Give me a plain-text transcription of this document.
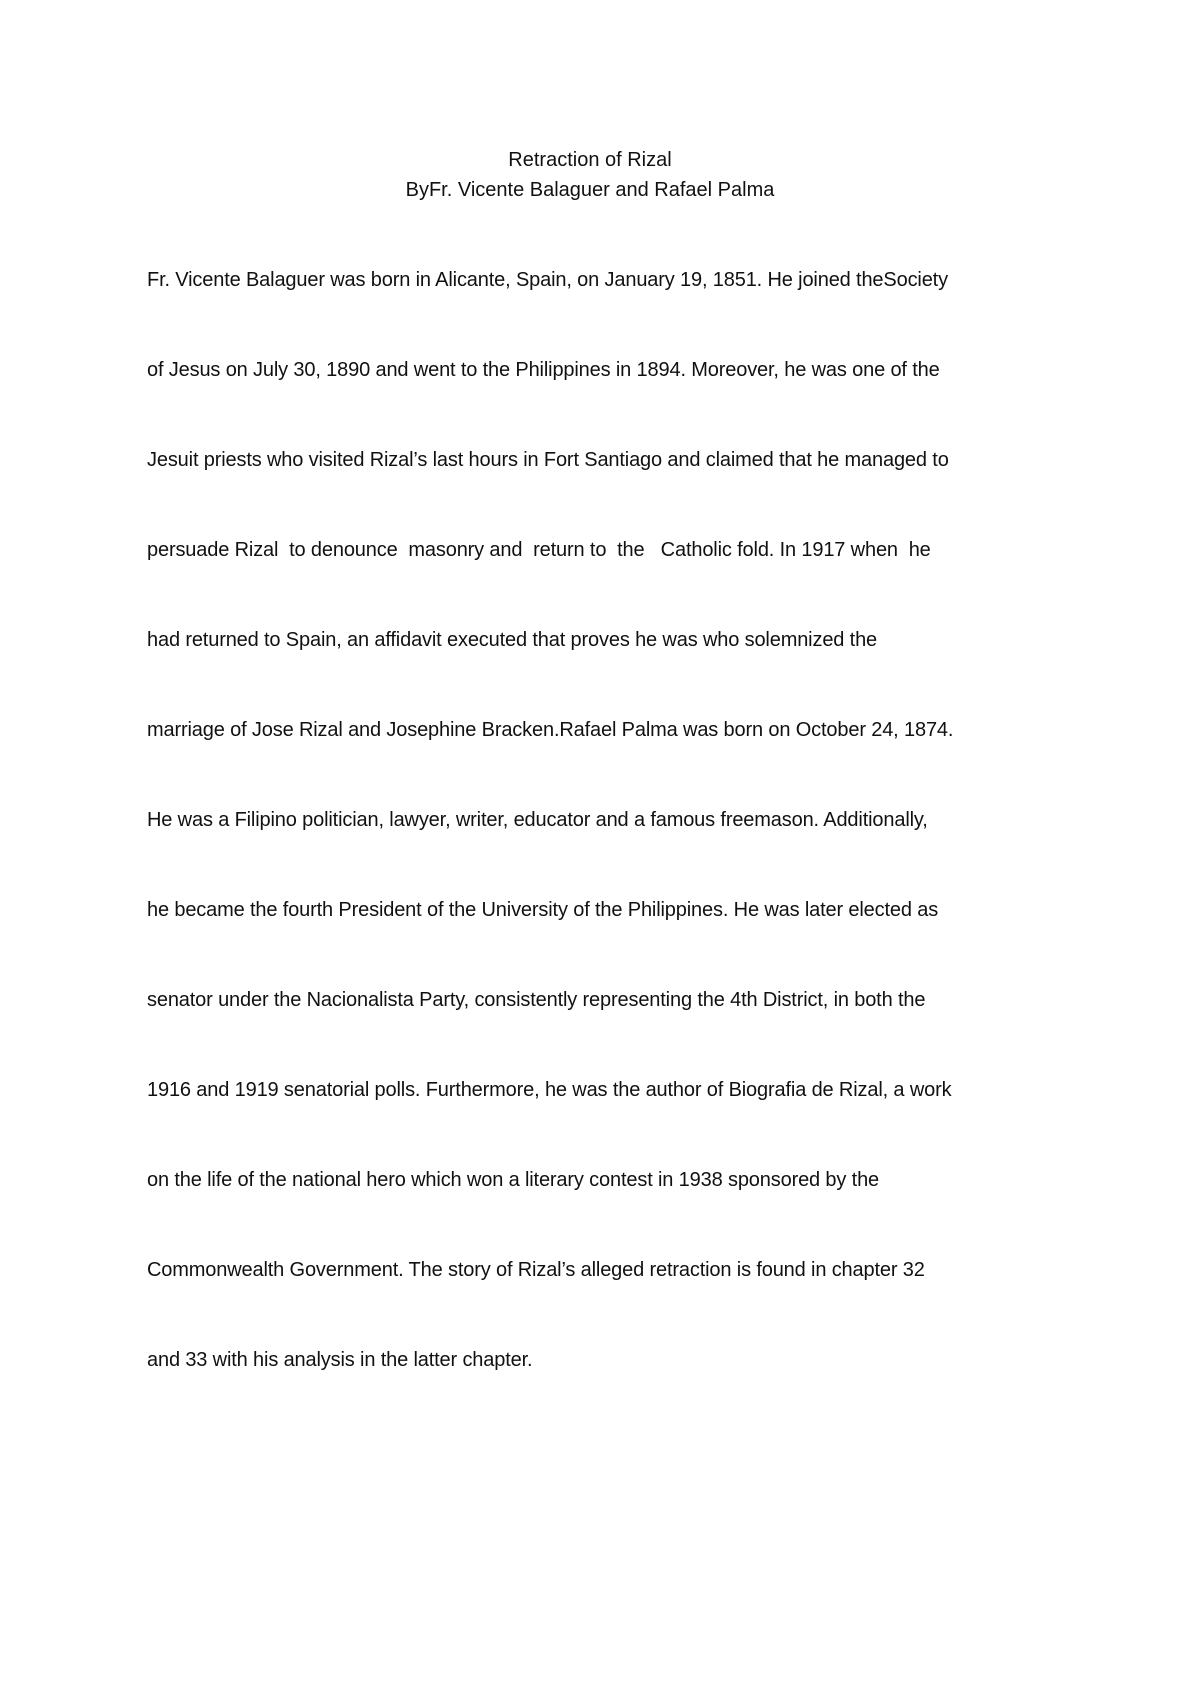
Retraction of Rizal

ByFr. Vicente Balaguer and Rafael Palma

Fr. Vicente Balaguer was born in Alicante, Spain, on January 19, 1851. He joined theSociety

of Jesus on July 30, 1890 and went to the Philippines in 1894. Moreover, he was one of the

Jesuit priests who visited Rizal’s last hours in Fort Santiago and claimed that he managed to

persuade Rizal  to denounce  masonry and  return to  the   Catholic fold. In 1917 when  he

had returned to Spain, an affidavit executed that proves he was who solemnized the

marriage of Jose Rizal and Josephine Bracken.Rafael Palma was born on October 24, 1874.

He was a Filipino politician, lawyer, writer, educator and a famous freemason. Additionally,

he became the fourth President of the University of the Philippines. He was later elected as

senator under the Nacionalista Party, consistently representing the 4th District, in both the

1916 and 1919 senatorial polls. Furthermore, he was the author of Biografia de Rizal, a work

on the life of the national hero which won a literary contest in 1938 sponsored by the

Commonwealth Government. The story of Rizal’s alleged retraction is found in chapter 32

and 33 with his analysis in the latter chapter.
